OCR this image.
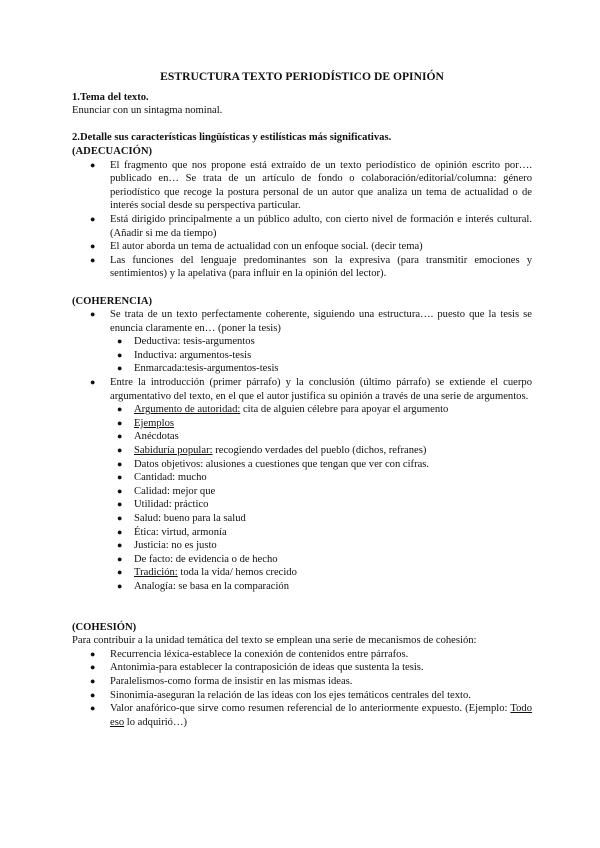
ESTRUCTURA TEXTO PERIODÍSTICO DE OPINIÓN

1.Tema del texto.

Enunciar con un sintagma nominal.

2.Detalle sus características lingüísticas y estilísticas más significativas.

(ADECUACIÓN)

● El fragmento que nos propone está extraído de un texto periodístico de opinión escrito por…. publicado en… Se trata de un artículo de fondo o colaboración/editorial/columna: género periodístico que recoge la postura personal de un autor que analiza un tema de actualidad o de interés social desde su perspectiva particular.
● Está dirigido principalmente a un público adulto, con cierto nivel de formación e interés cultural. (Añadir si me da tiempo)
● El autor aborda un tema de actualidad con un enfoque social. (decir tema)
● Las funciones del lenguaje predominantes son la expresiva (para transmitir emociones y sentimientos) y la apelativa (para influir en la opinión del lector).

(COHERENCIA)

● Se trata de un texto perfectamente coherente, siguiendo una estructura…. puesto que la tesis se enuncia claramente en… (poner la tesis)
● Deductiva: tesis-argumentos
● Inductiva: argumentos-tesis
● Enmarcada:tesis-argumentos-tesis
● Entre la introducción (primer párrafo) y la conclusión (último párrafo) se extiende el cuerpo argumentativo del texto, en el que el autor justifica su opinión a través de una serie de argumentos.
● Argumento de autoridad: cita de alguien célebre para apoyar el argumento
● Ejemplos
● Anécdotas
● Sabiduría popular: recogiendo verdades del pueblo (dichos, refranes)
● Datos objetivos: alusiones a cuestiones que tengan que ver con cifras.
● Cantidad: mucho
● Calidad: mejor que
● Utilidad: práctico
● Salud: bueno para la salud
● Ética: virtud, armonía
● Justicia: no es justo
● De facto: de evidencia o de hecho
● Tradición: toda la vida/ hemos crecido
● Analogía: se basa en la comparación

(COHESIÓN)

Para contribuir a la unidad temática del texto se emplean una serie de mecanismos de cohesión:

● Recurrencia léxica-establece la conexión de contenidos entre párrafos.
● Antonimia-para establecer la contraposición de ideas que sustenta la tesis.
● Paralelismos-como forma de insistir en las mismas ideas.
● Sinonimia-aseguran la relación de las ideas con los ejes temáticos centrales del texto.
● Valor anafórico-que sirve como resumen referencial de lo anteriormente expuesto. (Ejemplo: Todo eso lo adquirió…)
